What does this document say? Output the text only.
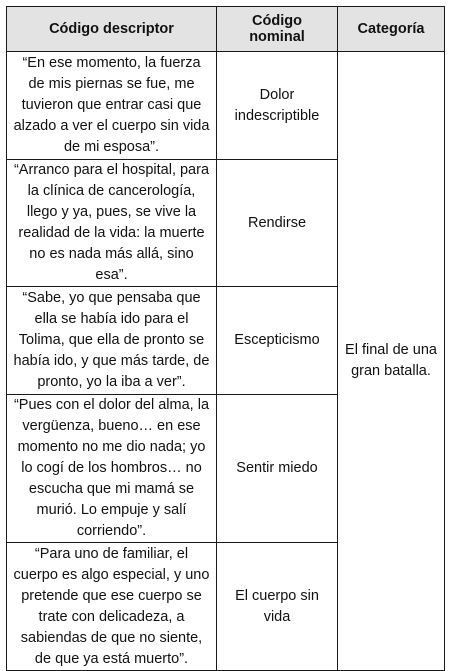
Código descriptor	Código nominal	Categoría
“En ese momento, la fuerza de mis piernas se fue, me tuvieron que entrar casi que alzado a ver el cuerpo sin vida de mi esposa”.	Dolor indescriptible	El final de una gran batalla.
“Arranco para el hospital, para la clínica de cancerología, llego y ya, pues, se vive la realidad de la vida: la muerte no es nada más allá, sino esa”.	Rendirse	
“Sabe, yo que pensaba que ella se había ido para el Tolima, que ella de pronto se había ido, y que más tarde, de pronto, yo la iba a ver”.	Escepticismo	
“Pues con el dolor del alma, la vergüenza, bueno… en ese momento no me dio nada; yo lo cogí de los hombros… no escucha que mi mamá se murió. Lo empuje y salí corriendo”.	Sentir miedo	
“Para uno de familiar, el cuerpo es algo especial, y uno pretende que ese cuerpo se trate con delicadeza, a sabiendas de que no siente, de que ya está muerto”.	El cuerpo sin vida	
